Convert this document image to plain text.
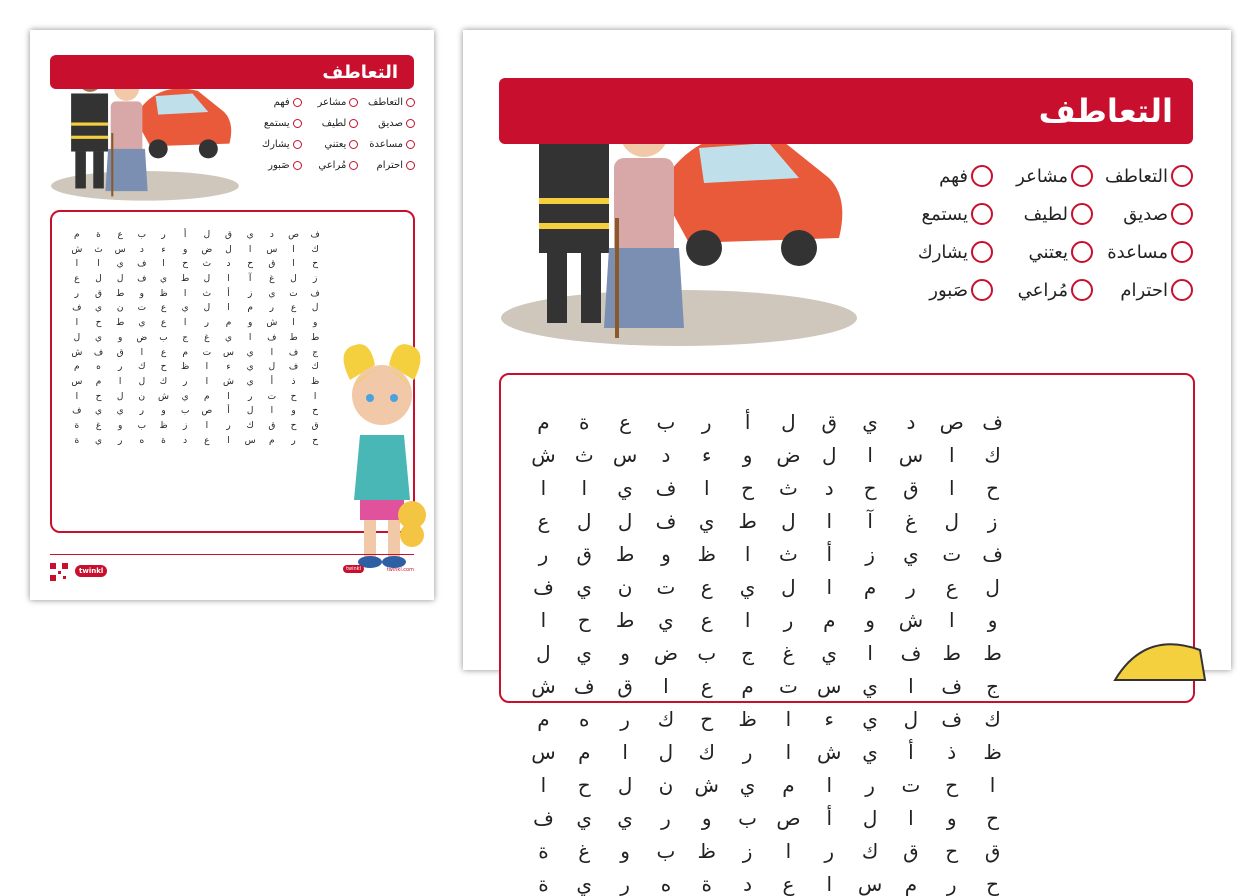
التعاطف
التعاطف
مشاعر
فهم
صديق
لطيف
يستمع
مساعدة
يعتني
يشارك
احترام
مُراعي
صَبور
ف
ص
د
ي
ق
ل
أ
ر
ب
ع
ة
م
ك
ا
س
ا
ل
ض
و
ء
د
س
ث
ش
ح
ا
ق
ح
د
ث
ح
ا
ف
ي
ا
ا
ز
ل
غ
آ
ا
ل
ط
ي
ف
ل
ل
ع
ف
ت
ي
ز
أ
ث
ا
ظ
و
ط
ق
ر
ل
ع
ر
م
ا
ل
ي
ع
ت
ن
ي
ف
و
ا
ش
و
م
ر
ا
ع
ي
ط
ح
ا
ط
ط
ف
ا
ي
غ
ج
ب
ض
و
ي
ل
ج
ف
ا
ي
س
ت
م
ع
ا
ق
ف
ش
ك
ف
ل
ي
ء
ا
ظ
ح
ك
ر
ه
م
ظ
ذ
أ
ي
ش
ا
ر
ك
ل
ا
م
س
ا
ح
ت
ر
ا
م
ي
ش
ن
ل
ح
ا
ح
و
ا
ل
أ
ص
ب
و
ر
ي
ي
ف
ق
ح
ق
ك
ر
ا
ز
ظ
ب
و
غ
ة
ح
ر
م
س
ا
ع
د
ة
ه
ر
ي
ة
twinkl	twinkl	twinkl.com
التعاطف
التعاطف
مشاعر
فهم
صديق
لطيف
يستمع
مساعدة
يعتني
يشارك
احترام
مُراعي
صَبور
ف
ص
د
ي
ق
ل
أ
ر
ب
ع
ة
م
ك
ا
س
ا
ل
ض
و
ء
د
س
ث
ش
ح
ا
ق
ح
د
ث
ح
ا
ف
ي
ا
ا
ز
ل
غ
آ
ا
ل
ط
ي
ف
ل
ل
ع
ف
ت
ي
ز
أ
ث
ا
ظ
و
ط
ق
ر
ل
ع
ر
م
ا
ل
ي
ع
ت
ن
ي
ف
و
ا
ش
و
م
ر
ا
ع
ي
ط
ح
ا
ط
ط
ف
ا
ي
غ
ج
ب
ض
و
ي
ل
ج
ف
ا
ي
س
ت
م
ع
ا
ق
ف
ش
ك
ف
ل
ي
ء
ا
ظ
ح
ك
ر
ه
م
ظ
ذ
أ
ي
ش
ا
ر
ك
ل
ا
م
س
ا
ح
ت
ر
ا
م
ي
ش
ن
ل
ح
ا
ح
و
ا
ل
أ
ص
ب
و
ر
ي
ي
ف
ق
ح
ق
ك
ر
ا
ز
ظ
ب
و
غ
ة
ح
ر
م
س
ا
ع
د
ة
ه
ر
ي
ة
